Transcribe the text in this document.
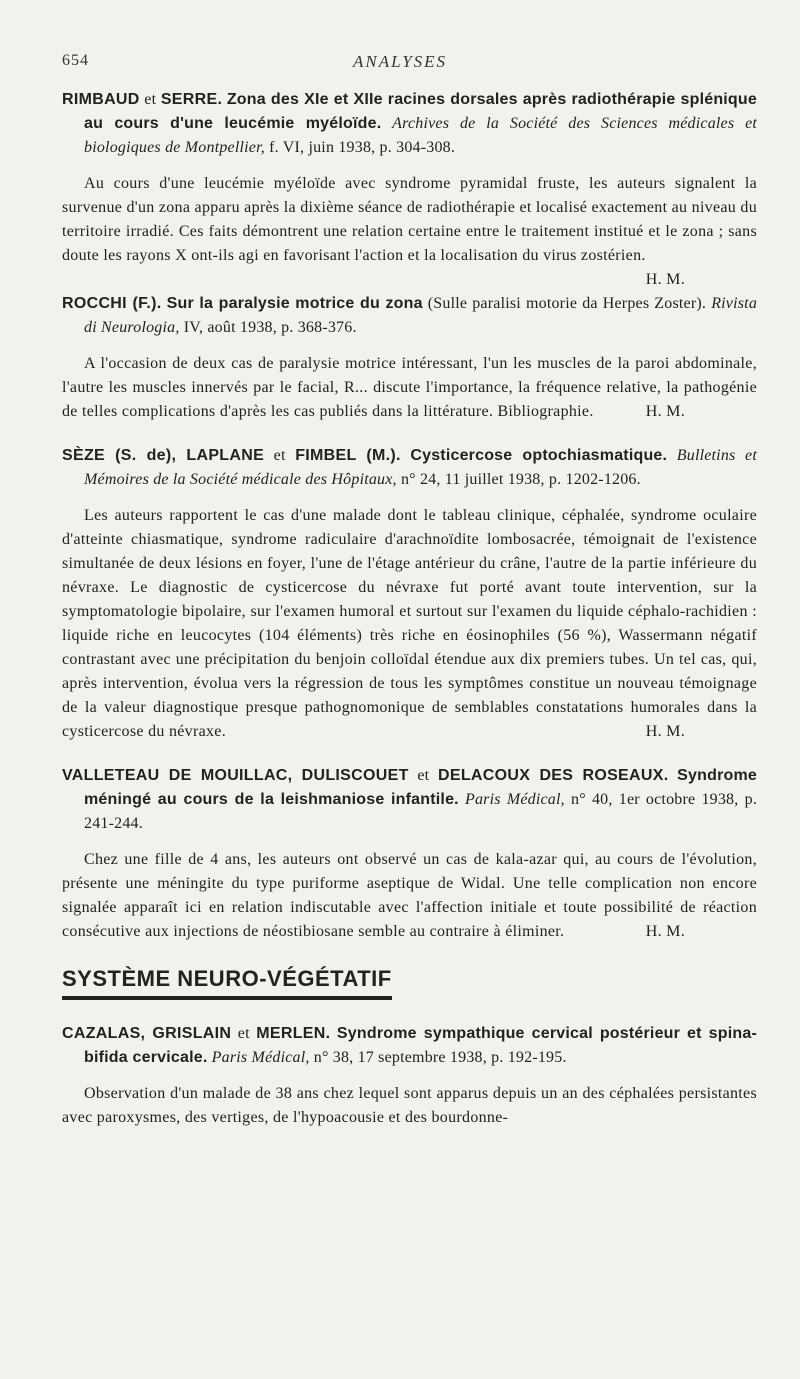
654	ANALYSES

RIMBAUD et SERRE. Zona des XIe et XIIe racines dorsales après radiothérapie splénique au cours d'une leucémie myéloïde. Archives de la Société des Sciences médicales et biologiques de Montpellier, f. VI, juin 1938, p. 304-308.

Au cours d'une leucémie myéloïde avec syndrome pyramidal fruste, les auteurs signalent la survenue d'un zona apparu après la dixième séance de radiothérapie et localisé exactement au niveau du territoire irradié. Ces faits démontrent une relation certaine entre le traitement institué et le zona ; sans doute les rayons X ont-ils agi en favorisant l'action et la localisation du virus zostérien.
H. M.

ROCCHI (F.). Sur la paralysie motrice du zona (Sulle paralisi motorie da Herpes Zoster). Rivista di Neurologia, IV, août 1938, p. 368-376.

A l'occasion de deux cas de paralysie motrice intéressant, l'un les muscles de la paroi abdominale, l'autre les muscles innervés par le facial, R... discute l'importance, la fréquence relative, la pathogénie de telles complications d'après les cas publiés dans la littérature. Bibliographie.	H. M.

SÈZE (S. de), LAPLANE et FIMBEL (M.). Cysticercose optochiasmatique. Bulletins et Mémoires de la Société médicale des Hôpitaux, n° 24, 11 juillet 1938, p. 1202-1206.

Les auteurs rapportent le cas d'une malade dont le tableau clinique, céphalée, syndrome oculaire d'atteinte chiasmatique, syndrome radiculaire d'arachnoïdite lombosacrée, témoignait de l'existence simultanée de deux lésions en foyer, l'une de l'étage antérieur du crâne, l'autre de la partie inférieure du névraxe. Le diagnostic de cysticercose du névraxe fut porté avant toute intervention, sur la symptomatologie bipolaire, sur l'examen humoral et surtout sur l'examen du liquide céphalo-rachidien : liquide riche en leucocytes (104 éléments) très riche en éosinophiles (56 %), Wassermann négatif contrastant avec une précipitation du benjoin colloïdal étendue aux dix premiers tubes. Un tel cas, qui, après intervention, évolua vers la régression de tous les symptômes constitue un nouveau témoignage de la valeur diagnostique presque pathognomonique de semblables constatations humorales dans la cysticercose du névraxe.	H. M.

VALLETEAU DE MOUILLAC, DULISCOUET et DELACOUX DES ROSEAUX. Syndrome méningé au cours de la leishmaniose infantile. Paris Médical, n° 40, 1er octobre 1938, p. 241-244.

Chez une fille de 4 ans, les auteurs ont observé un cas de kala-azar qui, au cours de l'évolution, présente une méningite du type puriforme aseptique de Widal. Une telle complication non encore signalée apparaît ici en relation indiscutable avec l'affection initiale et toute possibilité de réaction consécutive aux injections de néostibiosane semble au contraire à éliminer.	H. M.

SYSTÈME NEURO-VÉGÉTATIF

CAZALAS, GRISLAIN et MERLEN. Syndrome sympathique cervical postérieur et spina-bifida cervicale. Paris Médical, n° 38, 17 septembre 1938, p. 192-195.

Observation d'un malade de 38 ans chez lequel sont apparus depuis un an des céphalées persistantes avec paroxysmes, des vertiges, de l'hypoacousie et des bourdonne-
